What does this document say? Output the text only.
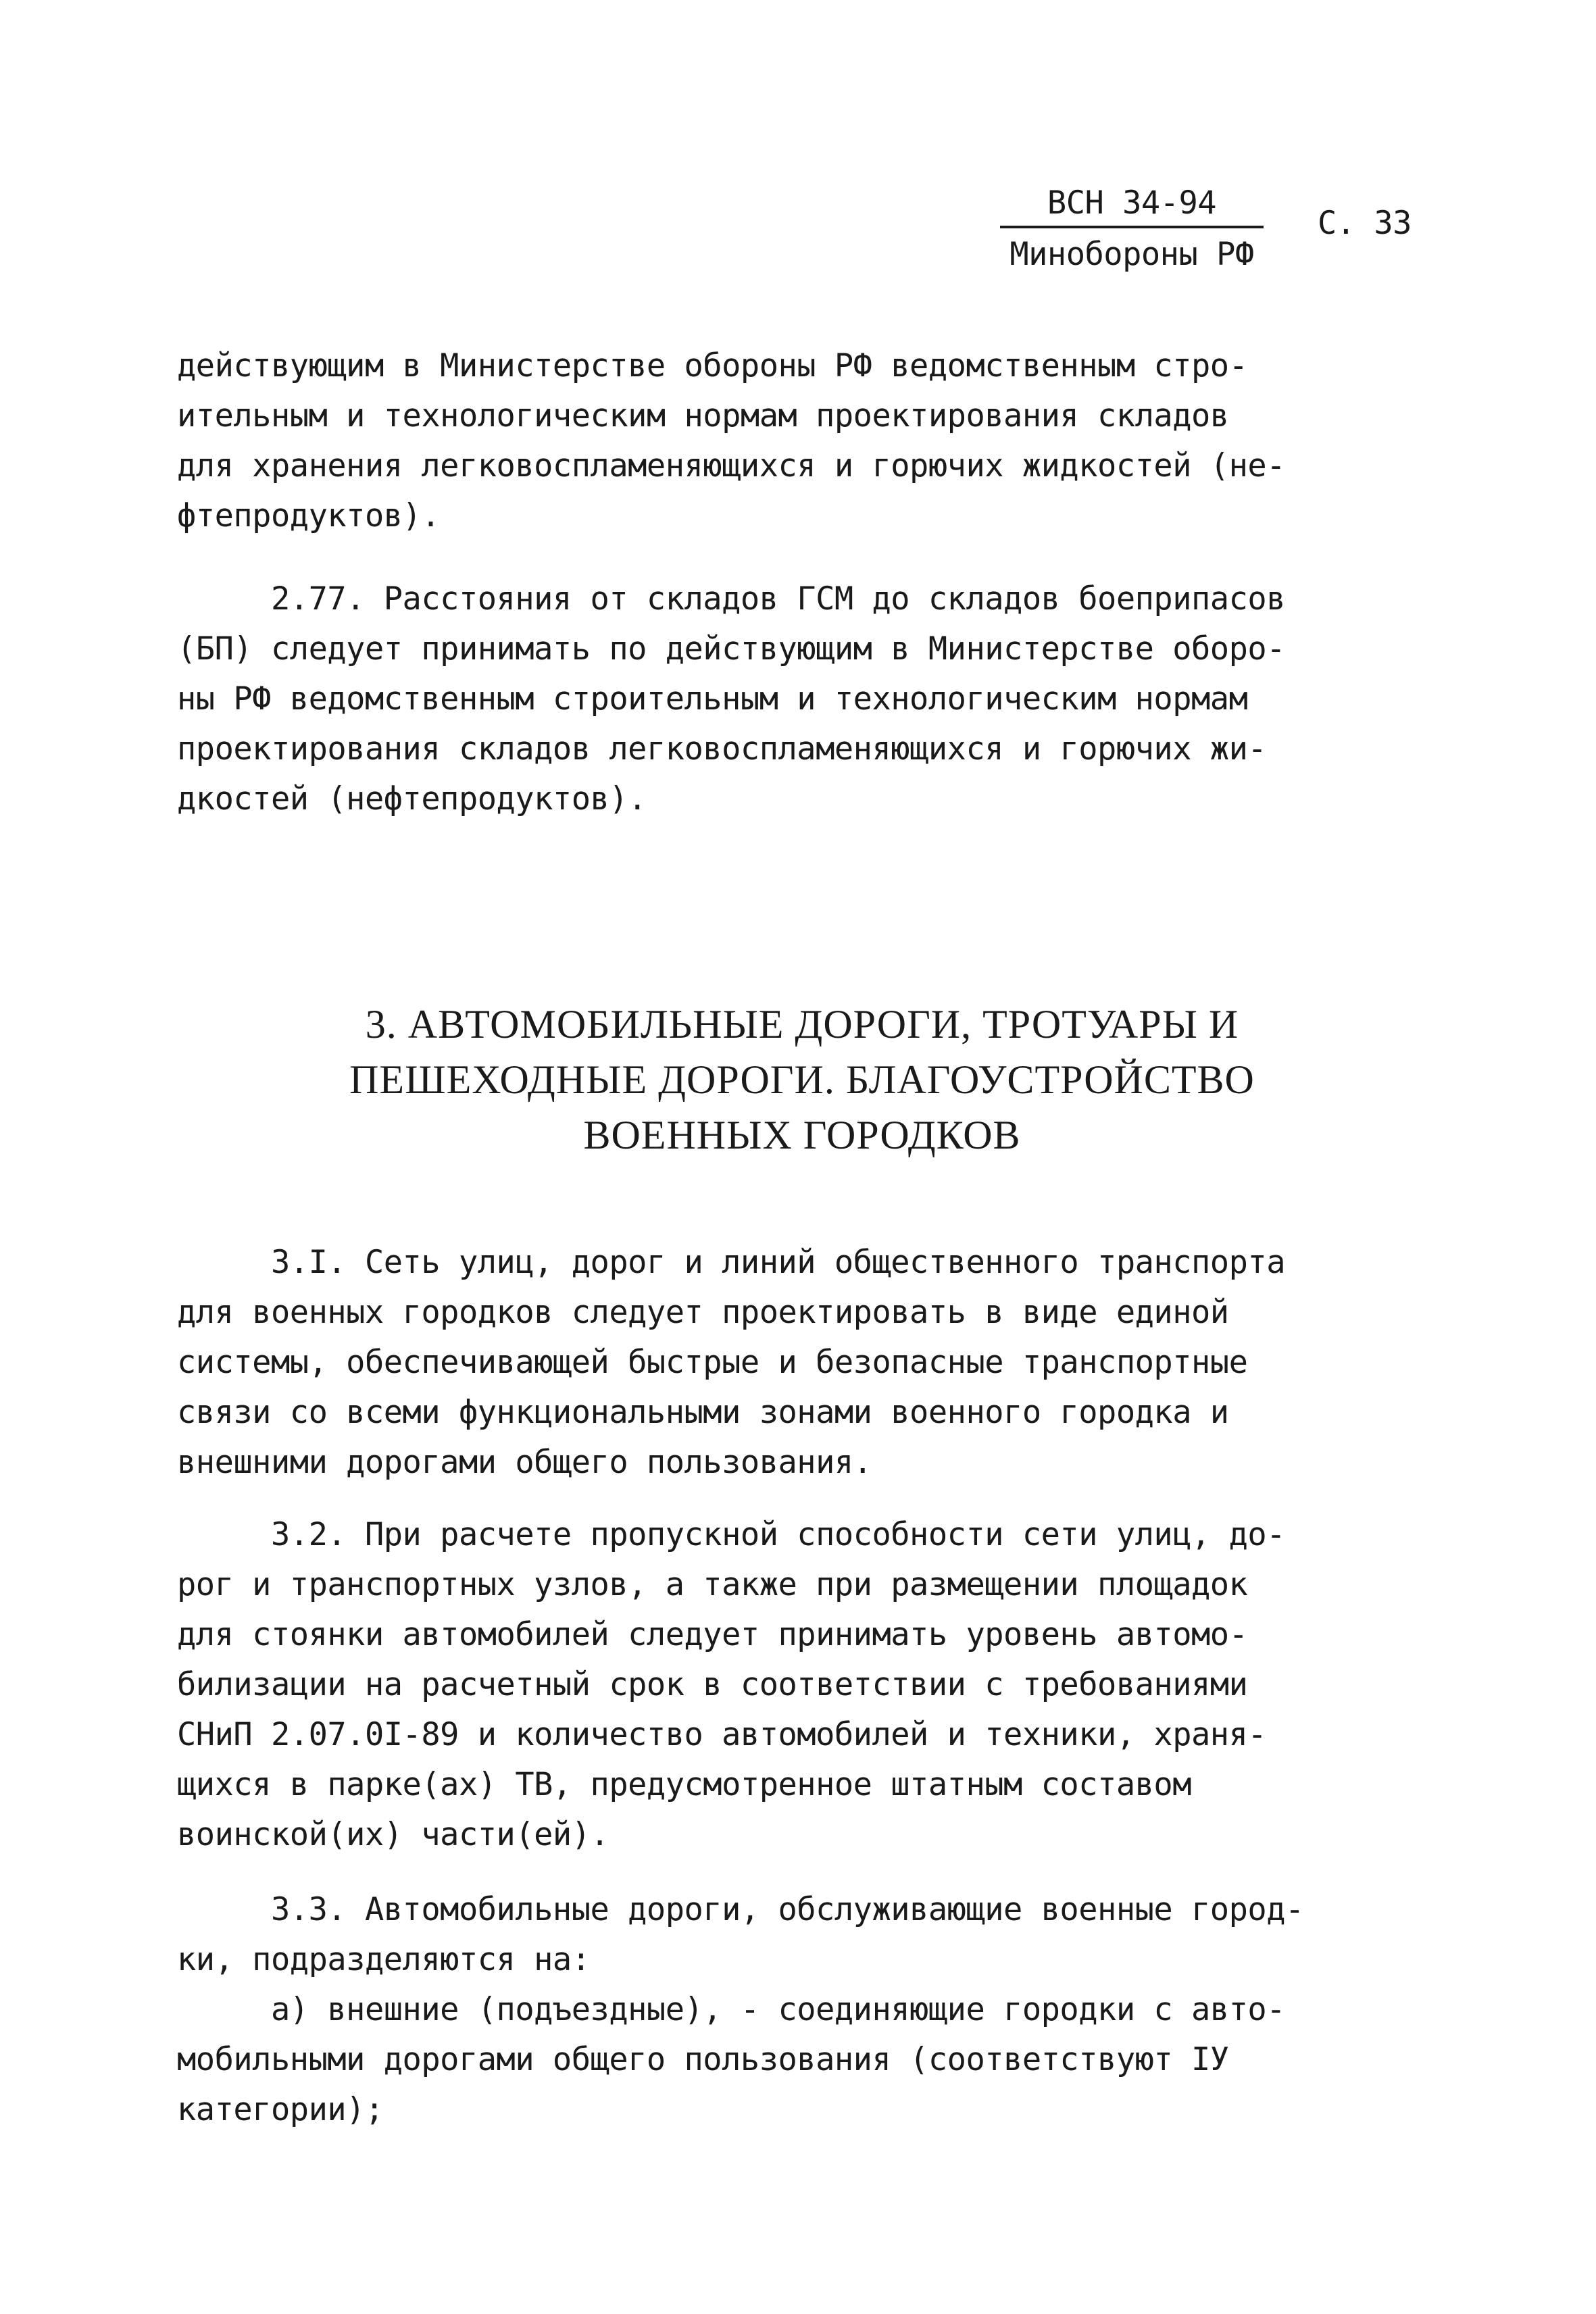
ВСН 34-94
Минобороны РФ
С. 33
действующим в Министерстве обороны РФ ведомственным стро-
ительным и технологическим нормам проектирования складов
для хранения легковоспламеняющихся и горючих жидкостей (не-
фтепродуктов).
2.77. Расстояния от складов ГСМ до складов боеприпасов
(БП) следует принимать по действующим в Министерстве оборо-
ны РФ ведомственным строительным и технологическим нормам
проектирования складов легковоспламеняющихся и горючих жи-
дкостей (нефтепродуктов).
3. АВТОМОБИЛЬНЫЕ ДОРОГИ, ТРОТУАРЫ И
ПЕШЕХОДНЫЕ ДОРОГИ. БЛАГОУСТРОЙСТВО
ВОЕННЫХ ГОРОДКОВ
3.I. Сеть улиц, дорог и линий общественного транспорта
для военных городков следует проектировать в виде единой
системы, обеспечивающей быстрые и безопасные транспортные
связи со всеми функциональными зонами военного городка и
внешними дорогами общего пользования.
3.2. При расчете пропускной способности сети улиц, до-
рог и транспортных узлов, а также при размещении площадок
для стоянки автомобилей следует принимать уровень автомо-
билизации на расчетный срок в соответствии с требованиями
СНиП 2.07.0I-89 и количество автомобилей и техники, храня-
щихся в парке(ах) ТВ, предусмотренное штатным составом
воинской(их) части(ей).
3.3. Автомобильные дороги, обслуживающие военные город-
ки, подразделяются на:
а) внешние (подъездные), - соединяющие городки с авто-
мобильными дорогами общего пользования (соответствуют IУ
категории);
